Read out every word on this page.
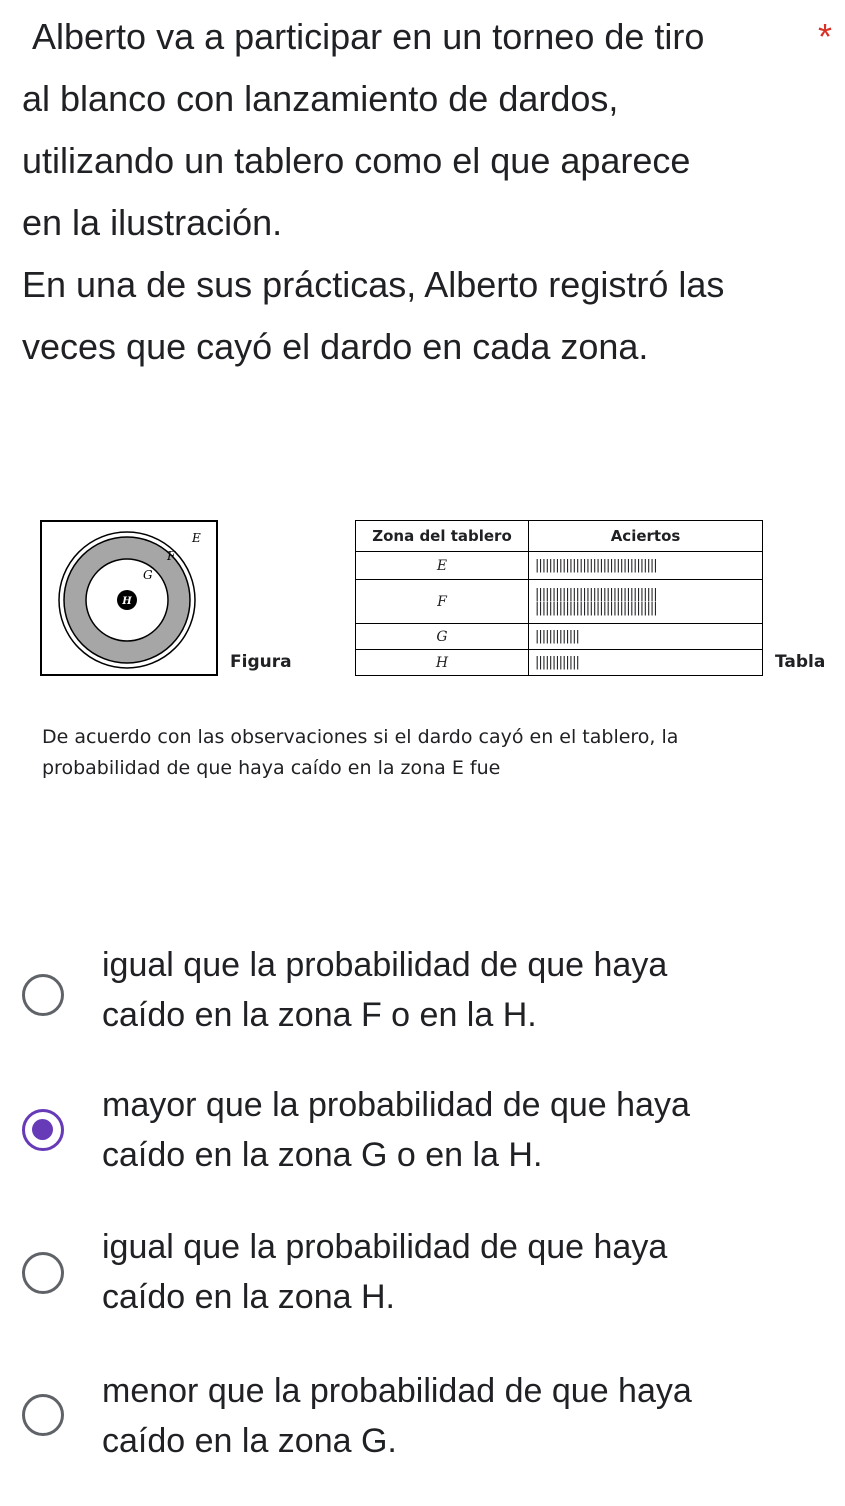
Alberto va a participar en un torneo de tiro
al blanco con lanzamiento de dardos,
utilizando un tablero como el que aparece
en la ilustración.
En una de sus prácticas, Alberto registró las
veces que cayó el dardo en cada zona.
*
E
F
G
H
Figura
Zona del tablero	Aciertos
E	||||||||||||||||||||||||||||||||||||
F	||||||||||||||||||||||||||||||||||||
||||||||||||||||||||||||||||||||||||
G	|||||||||||||
H	|||||||||||||	Tabla
De acuerdo con las observaciones si el dardo cayó en el tablero, la probabilidad de que haya caído en la zona E fue
igual que la probabilidad de que haya
caído en la zona F o en la H.
mayor que la probabilidad de que haya
caído en la zona G o en la H.
igual que la probabilidad de que haya
caído en la zona H.
menor que la probabilidad de que haya
caído en la zona G.
